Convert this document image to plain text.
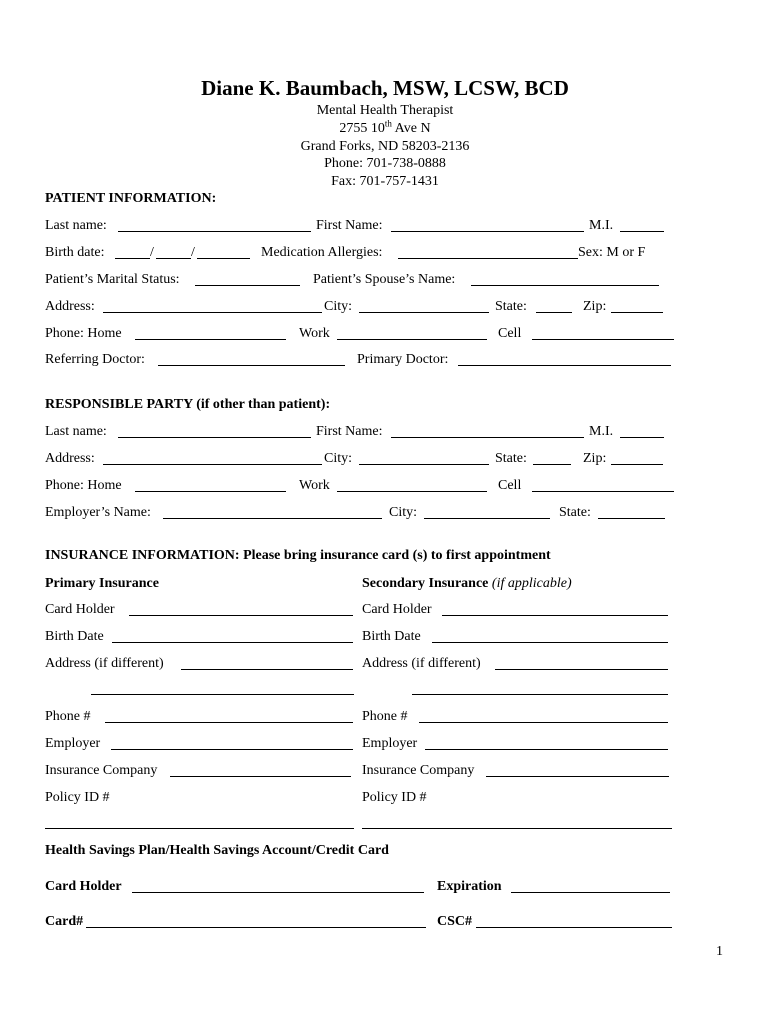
Diane K. Baumbach, MSW, LCSW, BCD
Mental Health Therapist
2755 10th Ave N
Grand Forks, ND 58203-2136
Phone: 701-738-0888
Fax: 701-757-1431
PATIENT INFORMATION:
Last name:	First Name:	M.I.
Birth date:	/	/	Medication Allergies:	Sex: M or F
Patient’s Marital Status:	Patient’s Spouse’s Name:
Address:	City:	State:	Zip:
Phone: Home	Work	Cell
Referring Doctor:	Primary Doctor:
RESPONSIBLE PARTY (if other than patient):
Last name:	First Name:	M.I.
Address:	City:	State:	Zip:
Phone: Home	Work	Cell
Employer’s Name:	City:	State:
INSURANCE INFORMATION: Please bring insurance card (s) to first appointment
Primary Insurance	Secondary Insurance (if applicable)
Card Holder	Card Holder
Birth Date	Birth Date
Address (if different)	Address (if different)
Phone #	Phone #
Employer	Employer
Insurance Company	Insurance Company
Policy ID #	Policy ID #
Health Savings Plan/Health Savings Account/Credit Card
Card Holder	Expiration
Card#	CSC#
1
